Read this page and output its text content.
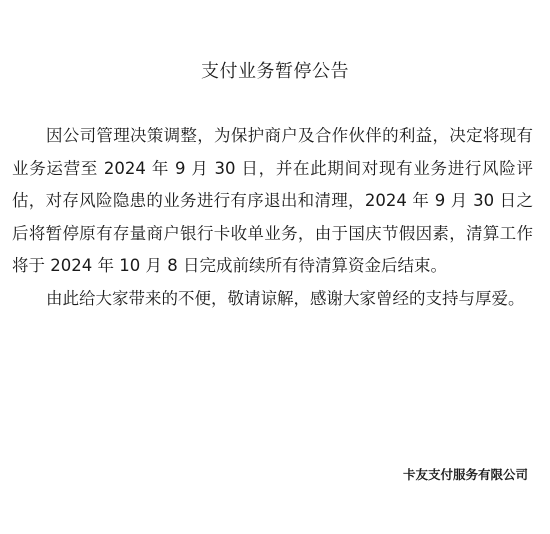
支付业务暂停公告

因公司管理决策调整，为保护商户及合作伙伴的利益，决定将现有业务运营至 2024 年 9 月 30 日，并在此期间对现有业务进行风险评估，对存风险隐患的业务进行有序退出和清理，2024 年 9 月 30 日之后将暂停原有存量商户银行卡收单业务，由于国庆节假因素，清算工作将于 2024 年 10 月 8 日完成前续所有待清算资金后结束。

由此给大家带来的不便，敬请谅解，感谢大家曾经的支持与厚爱。

卡友支付服务有限公司
